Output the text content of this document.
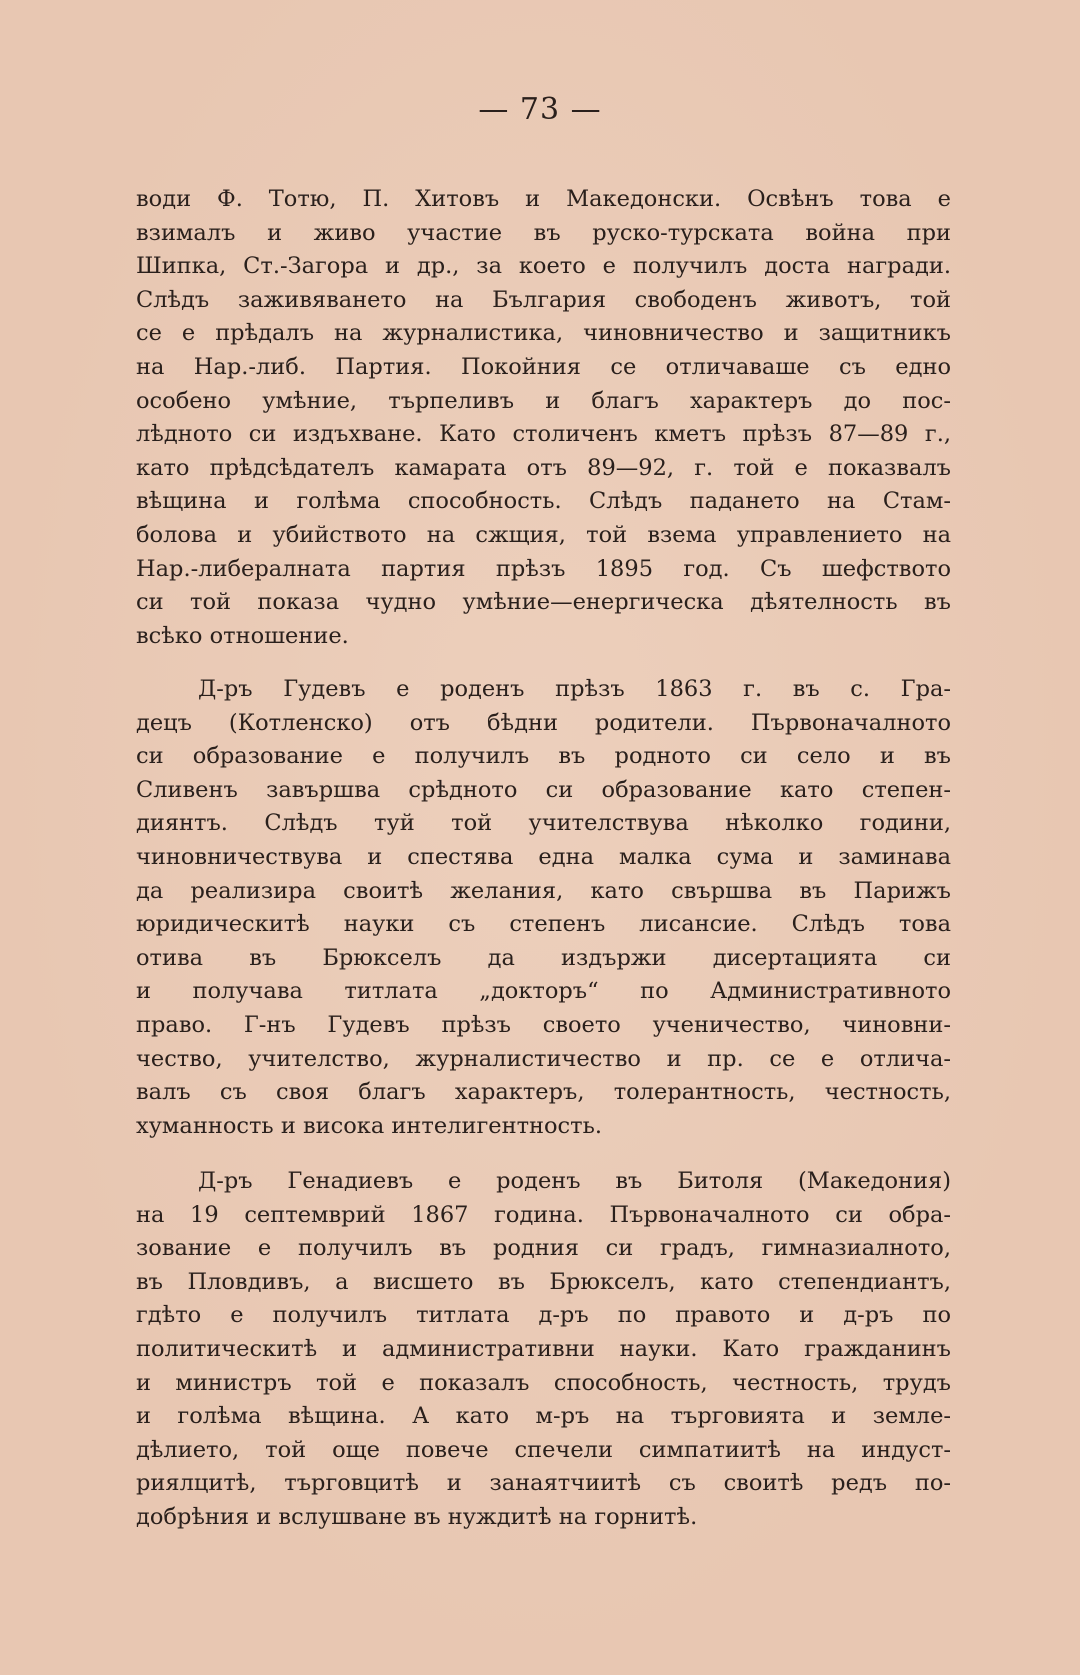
— 73 —
води Ф. Тотю, П. Хитовъ и Македонски. Освѣнъ това е
взималъ и живо участие въ руско-турската война при
Шипка, Ст.-Загора и др., за което е получилъ доста награди.
Слѣдъ заживяването на България свободенъ животъ, той
се е прѣдалъ на журналистика, чиновничество и защитникъ
на Нар.-либ. Партия. Покойния се отличаваше съ едно
особено умѣние, търпеливъ и благъ характеръ до пос-
лѣдното си издъхване. Като столиченъ кметъ прѣзъ 87—89 г.,
като прѣдсѣдателъ камарата отъ 89—92, г. той е показвалъ
вѣщина и голѣма способность. Слѣдъ падането на Стам-
болова и убийството на сжщия, той взема управлението на
Нар.-либералната партия прѣзъ 1895 год. Съ шефството
си той показа чудно умѣние—енергическа дѣятелность въ
всѣко отношение.
Д-ръ Гудевъ е роденъ прѣзъ 1863 г. въ с. Гра-
децъ (Котленско) отъ бѣдни родители. Първоначалното
си образование е получилъ въ родното си село и въ
Сливенъ завършва срѣдното си образование като степен-
диянтъ. Слѣдъ туй той учителствува нѣколко години,
чиновничествува и спестява една малка сума и заминава
да реализира своитѣ желания, като свършва въ Парижъ
юридическитѣ науки съ степенъ лисансие. Слѣдъ това
отива въ Брюкселъ да издържи дисертацията си
и получава титлата „докторъ“ по Административното
право. Г-нъ Гудевъ прѣзъ своето ученичество, чиновни-
чество, учителство, журналистичество и пр. се е отлича-
валъ съ своя благъ характеръ, толерантность, честность,
хуманность и висока интелигентность.
Д-ръ Генадиевъ е роденъ въ Битоля (Македония)
на 19 септемврий 1867 година. Първоначалното си обра-
зование е получилъ въ родния си градъ, гимназиалното,
въ Пловдивъ, а висшето въ Брюкселъ, като степендиантъ,
гдѣто е получилъ титлата д-ръ по правото и д-ръ по
политическитѣ и административни науки. Като гражданинъ
и министръ той е показалъ способность, честность, трудъ
и голѣма вѣщина. А като м-ръ на търговията и земле-
дѣлието, той още повече спечели симпатиитѣ на индуст-
риялцитѣ, търговцитѣ и занаятчиитѣ съ своитѣ редъ по-
добрѣния и вслушване въ нуждитѣ на горнитѣ.
